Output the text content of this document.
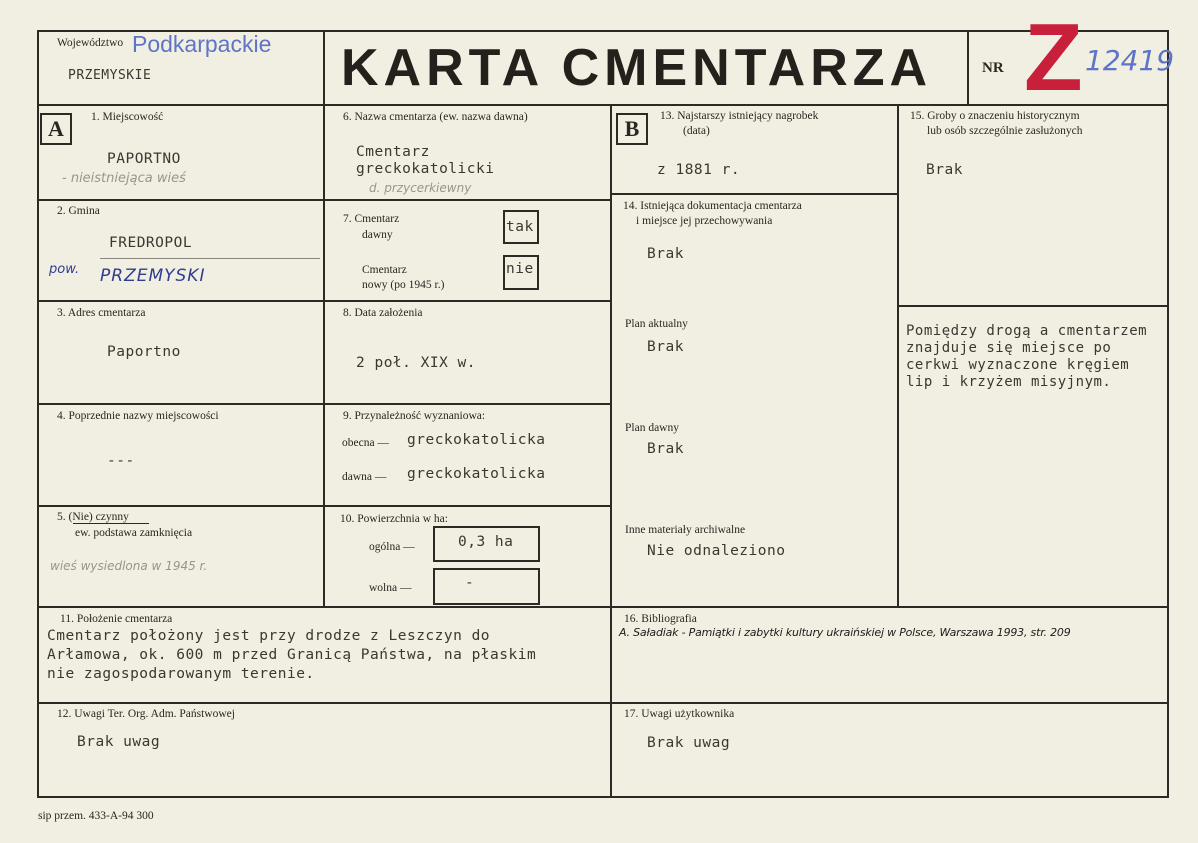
Województwo Podkarpackie
PRZEMYSKIE	KARTA CMENTARZA	NR Z 12419
A	1. Miejscowość
PAPORTNO
- nieistniejąca wieś
2. Gmina
FREDROPOL
pow. PRZEMYSKI
3. Adres cmentarza
Paportno
4. Poprzednie nazwy miejscowości
---
5. (Nie) czynny
ew. podstawa zamknięcia
wieś wysiedlona w 1945 r.
6. Nazwa cmentarza (ew. nazwa dawna)
Cmentarz
greckokatolicki
d. przycerkiewny
7. Cmentarz
dawny	tak
Cmentarz
nowy (po 1945 r.)
nie
8. Data założenia
2 poł. XIX w.
9. Przynależność wyznaniowa:
obecna — greckokatolicka
dawna — greckokatolicka
10. Powierzchnia w ha:
ogólna —	0,3 ha
wolna —	-
B	13. Najstarszy istniejący nagrobek
(data)
z 1881 r.
14. Istniejąca dokumentacja cmentarza
i miejsce jej przechowywania
Brak
Plan aktualny
Brak
Plan dawny
Brak
Inne materiały archiwalne
Nie odnaleziono
15. Groby o znaczeniu historycznym
lub osób szczególnie zasłużonych
Brak
Pomiędzy drogą a cmentarzem
znajduje się miejsce po
cerkwi wyznaczone kręgiem
lip i krzyżem misyjnym.
11. Położenie cmentarza
Cmentarz położony jest przy drodze z Leszczyn do
Arłamowa, ok. 600 m przed Granicą Państwa, na płaskim
nie zagospodarowanym terenie.
16. Bibliografia
A. Saładiak - Pamiątki i zabytki kultury ukraińskiej w Polsce, Warszawa 1993, str. 209
12. Uwagi Ter. Org. Adm. Państwowej
Brak uwag
17. Uwagi użytkownika
Brak uwag
sip przem. 433-A-94 300
